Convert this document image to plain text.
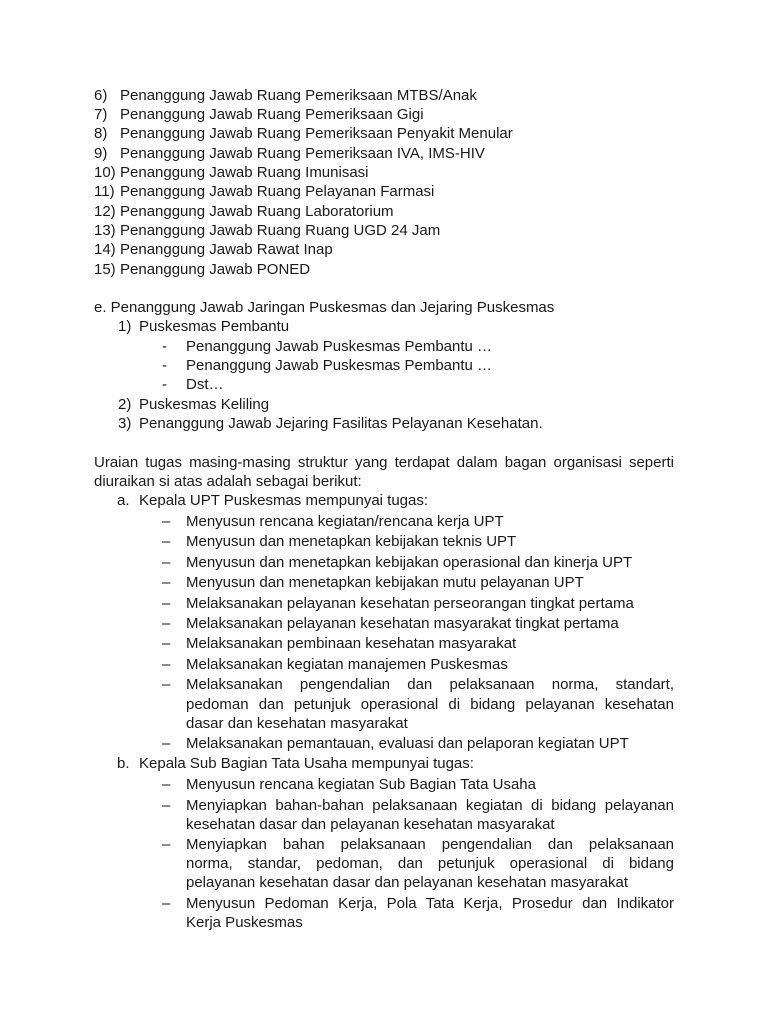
6) Penanggung Jawab Ruang Pemeriksaan MTBS/Anak
7) Penanggung Jawab Ruang Pemeriksaan Gigi
8) Penanggung Jawab Ruang Pemeriksaan Penyakit Menular
9) Penanggung Jawab Ruang Pemeriksaan IVA, IMS-HIV
10) Penanggung Jawab Ruang Imunisasi
11) Penanggung Jawab Ruang Pelayanan Farmasi
12) Penanggung Jawab Ruang Laboratorium
13) Penanggung Jawab Ruang Ruang UGD 24 Jam
14) Penanggung Jawab Rawat Inap
15) Penanggung Jawab PONED
e. Penanggung Jawab Jaringan Puskesmas dan Jejaring Puskesmas
1) Puskesmas Pembantu
- Penanggung Jawab Puskesmas Pembantu …
- Penanggung Jawab Puskesmas Pembantu …
- Dst…
2) Puskesmas Keliling
3) Penanggung Jawab Jejaring Fasilitas Pelayanan Kesehatan.
Uraian tugas masing-masing struktur yang terdapat dalam bagan organisasi seperti
diuraikan si atas adalah sebagai berikut:
a. Kepala UPT Puskesmas mempunyai tugas:
– Menyusun rencana kegiatan/rencana kerja UPT
– Menyusun dan menetapkan kebijakan teknis UPT
– Menyusun dan menetapkan kebijakan operasional dan kinerja UPT
– Menyusun dan menetapkan kebijakan mutu pelayanan UPT
– Melaksanakan pelayanan kesehatan perseorangan tingkat pertama
– Melaksanakan pelayanan kesehatan masyarakat tingkat pertama
– Melaksanakan pembinaan kesehatan masyarakat
– Melaksanakan kegiatan manajemen Puskesmas
– Melaksanakan pengendalian dan pelaksanaan norma, standart,
pedoman dan petunjuk operasional di bidang pelayanan kesehatan
dasar dan kesehatan masyarakat
– Melaksanakan pemantauan, evaluasi dan pelaporan kegiatan UPT
b. Kepala Sub Bagian Tata Usaha mempunyai tugas:
– Menyusun rencana kegiatan Sub Bagian Tata Usaha
– Menyiapkan bahan-bahan pelaksanaan kegiatan di bidang pelayanan
kesehatan dasar dan pelayanan kesehatan masyarakat
– Menyiapkan bahan pelaksanaan pengendalian dan pelaksanaan
norma, standar, pedoman, dan petunjuk operasional di bidang
pelayanan kesehatan dasar dan pelayanan kesehatan masyarakat
– Menyusun Pedoman Kerja, Pola Tata Kerja, Prosedur dan Indikator
Kerja Puskesmas
